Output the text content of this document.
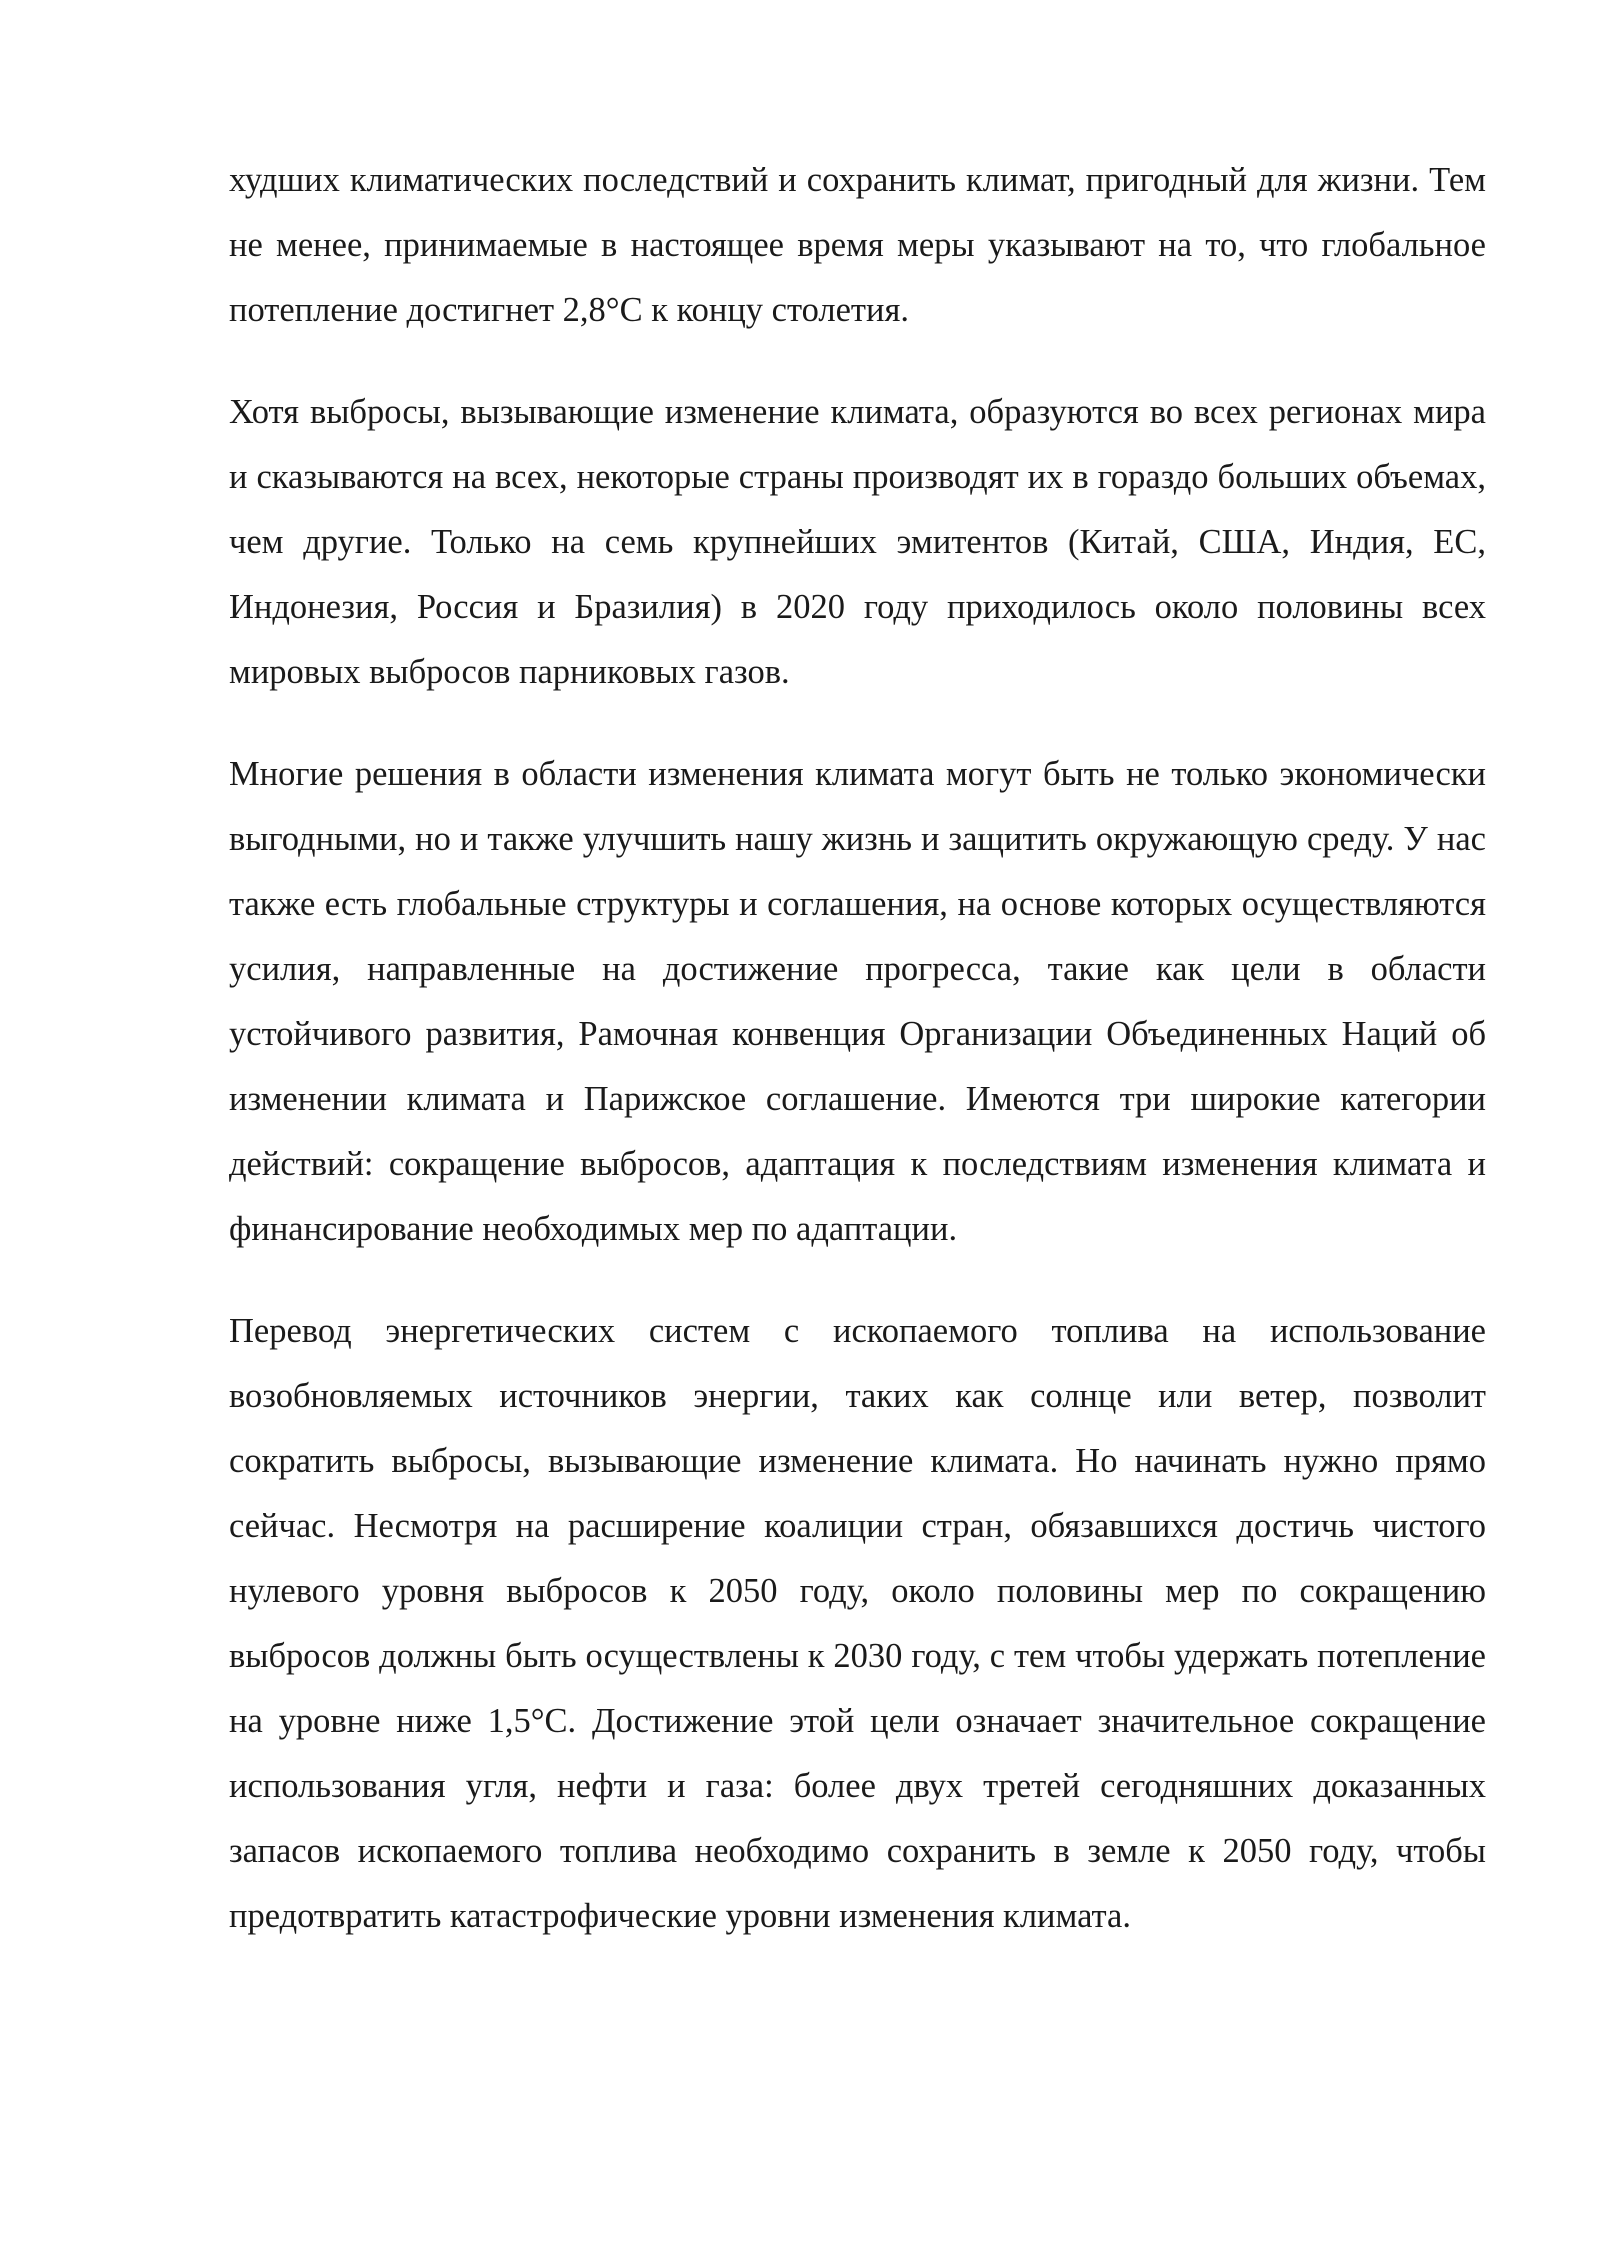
худших климатических последствий и сохранить климат, пригодный для жизни. Тем не менее, принимаемые в настоящее время меры указывают на то, что глобальное потепление достигнет 2,8°С к концу столетия.

Хотя выбросы, вызывающие изменение климата, образуются во всех регионах мира и сказываются на всех, некоторые страны производят их в гораздо больших объемах, чем другие. Только на семь крупнейших эмитентов (Китай, США, Индия, ЕС, Индонезия, Россия и Бразилия) в 2020 году приходилось около половины всех мировых выбросов парниковых газов.

Многие решения в области изменения климата могут быть не только экономически выгодными, но и также улучшить нашу жизнь и защитить окружающую среду. У нас также есть глобальные структуры и соглашения, на основе которых осуществляются усилия, направленные на достижение прогресса, такие как цели в области устойчивого развития, Рамочная конвенция Организации Объединенных Наций об изменении климата и Парижское соглашение. Имеются три широкие категории действий: сокращение выбросов, адаптация к последствиям изменения климата и финансирование необходимых мер по адаптации.

Перевод энергетических систем с ископаемого топлива на использование возобновляемых источников энергии, таких как солнце или ветер, позволит сократить выбросы, вызывающие изменение климата. Но начинать нужно прямо сейчас. Несмотря на расширение коалиции стран, обязавшихся достичь чистого нулевого уровня выбросов к 2050 году, около половины мер по сокращению выбросов должны быть осуществлены к 2030 году, с тем чтобы удержать потепление на уровне ниже 1,5°С. Достижение этой цели означает значительное сокращение использования угля, нефти и газа: более двух третей сегодняшних доказанных запасов ископаемого топлива необходимо сохранить в земле к 2050 году, чтобы предотвратить катастрофические уровни изменения климата.
